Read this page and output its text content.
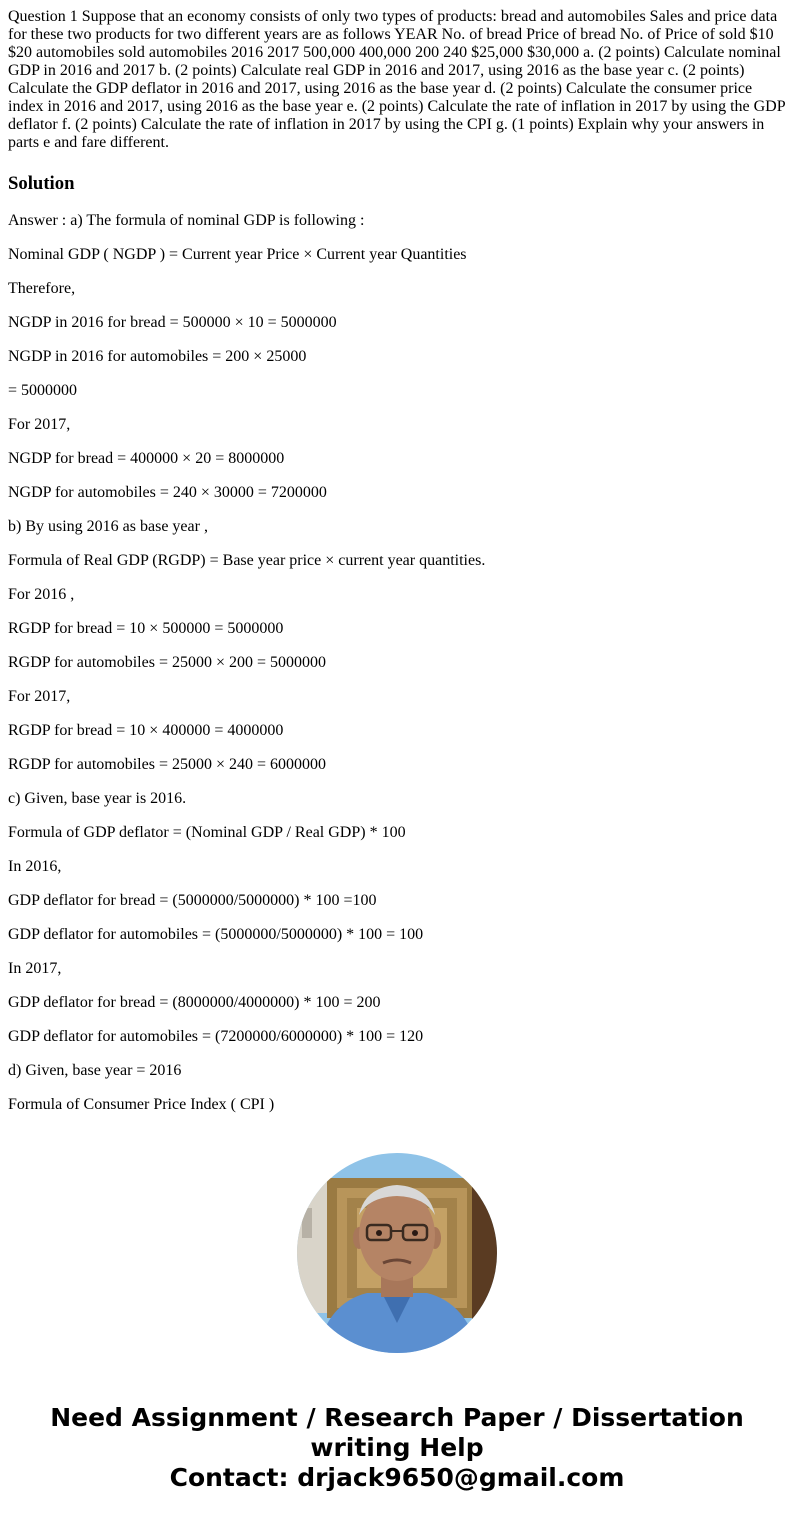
Question 1 Suppose that an economy consists of only two types of products: bread and automobiles Sales and price data for these two products for two different years are as follows YEAR No. of bread Price of bread No. of Price of sold $10 $20 automobiles sold automobiles 2016 2017 500,000 400,000 200 240 $25,000 $30,000 a. (2 points) Calculate nominal GDP in 2016 and 2017 b. (2 points) Calculate real GDP in 2016 and 2017, using 2016 as the base year c. (2 points) Calculate the GDP deflator in 2016 and 2017, using 2016 as the base year d. (2 points) Calculate the consumer price index in 2016 and 2017, using 2016 as the base year e. (2 points) Calculate the rate of inflation in 2017 by using the GDP deflator f. (2 points) Calculate the rate of inflation in 2017 by using the CPI g. (1 points) Explain why your answers in parts e and fare different.

Solution

Answer : a) The formula of nominal GDP is following :

Nominal GDP ( NGDP ) = Current year Price × Current year Quantities

Therefore,

NGDP in 2016 for bread = 500000 × 10 = 5000000

NGDP in 2016 for automobiles = 200 × 25000

= 5000000

For 2017,

NGDP for bread = 400000 × 20 = 8000000

NGDP for automobiles = 240 × 30000 = 7200000

b) By using 2016 as base year ,

Formula of Real GDP (RGDP) = Base year price × current year quantities.

For 2016 ,

RGDP for bread = 10 × 500000 = 5000000

RGDP for automobiles = 25000 × 200 = 5000000

For 2017,

RGDP for bread = 10 × 400000 = 4000000

RGDP for automobiles = 25000 × 240 = 6000000

c) Given, base year is 2016.

Formula of GDP deflator = (Nominal GDP / Real GDP) * 100

In 2016,

GDP deflator for bread = (5000000/5000000) * 100 =100

GDP deflator for automobiles = (5000000/5000000) * 100 = 100

In 2017,

GDP deflator for bread = (8000000/4000000) * 100 = 200

GDP deflator for automobiles = (7200000/6000000) * 100 = 120

d) Given, base year = 2016

Formula of Consumer Price Index ( CPI )

Need Assignment / Research Paper / Dissertation
writing Help
Contact: drjack9650@gmail.com
